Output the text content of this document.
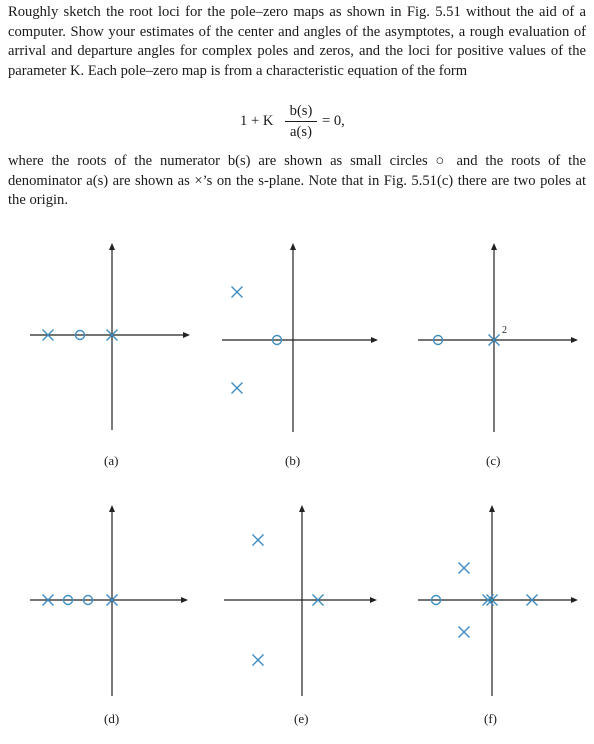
Roughly sketch the root loci for the pole–zero maps as shown in Fig. 5.51 without the aid of a computer. Show your estimates of the center and angles of the asymptotes, a rough evaluation of arrival and departure angles for complex poles and zeros, and the loci for positive values of the parameter K. Each pole–zero map is from a characteristic equation of the form

1 + K
b(s)
a(s)
= 0,

where the roots of the numerator b(s) are shown as small circles ○ and the roots of the denominator a(s) are shown as ×’s on the s-plane. Note that in Fig. 5.51(c) there are two poles at the origin.

(a)	(b)
2
(c)
(d)	(e)	(f)
